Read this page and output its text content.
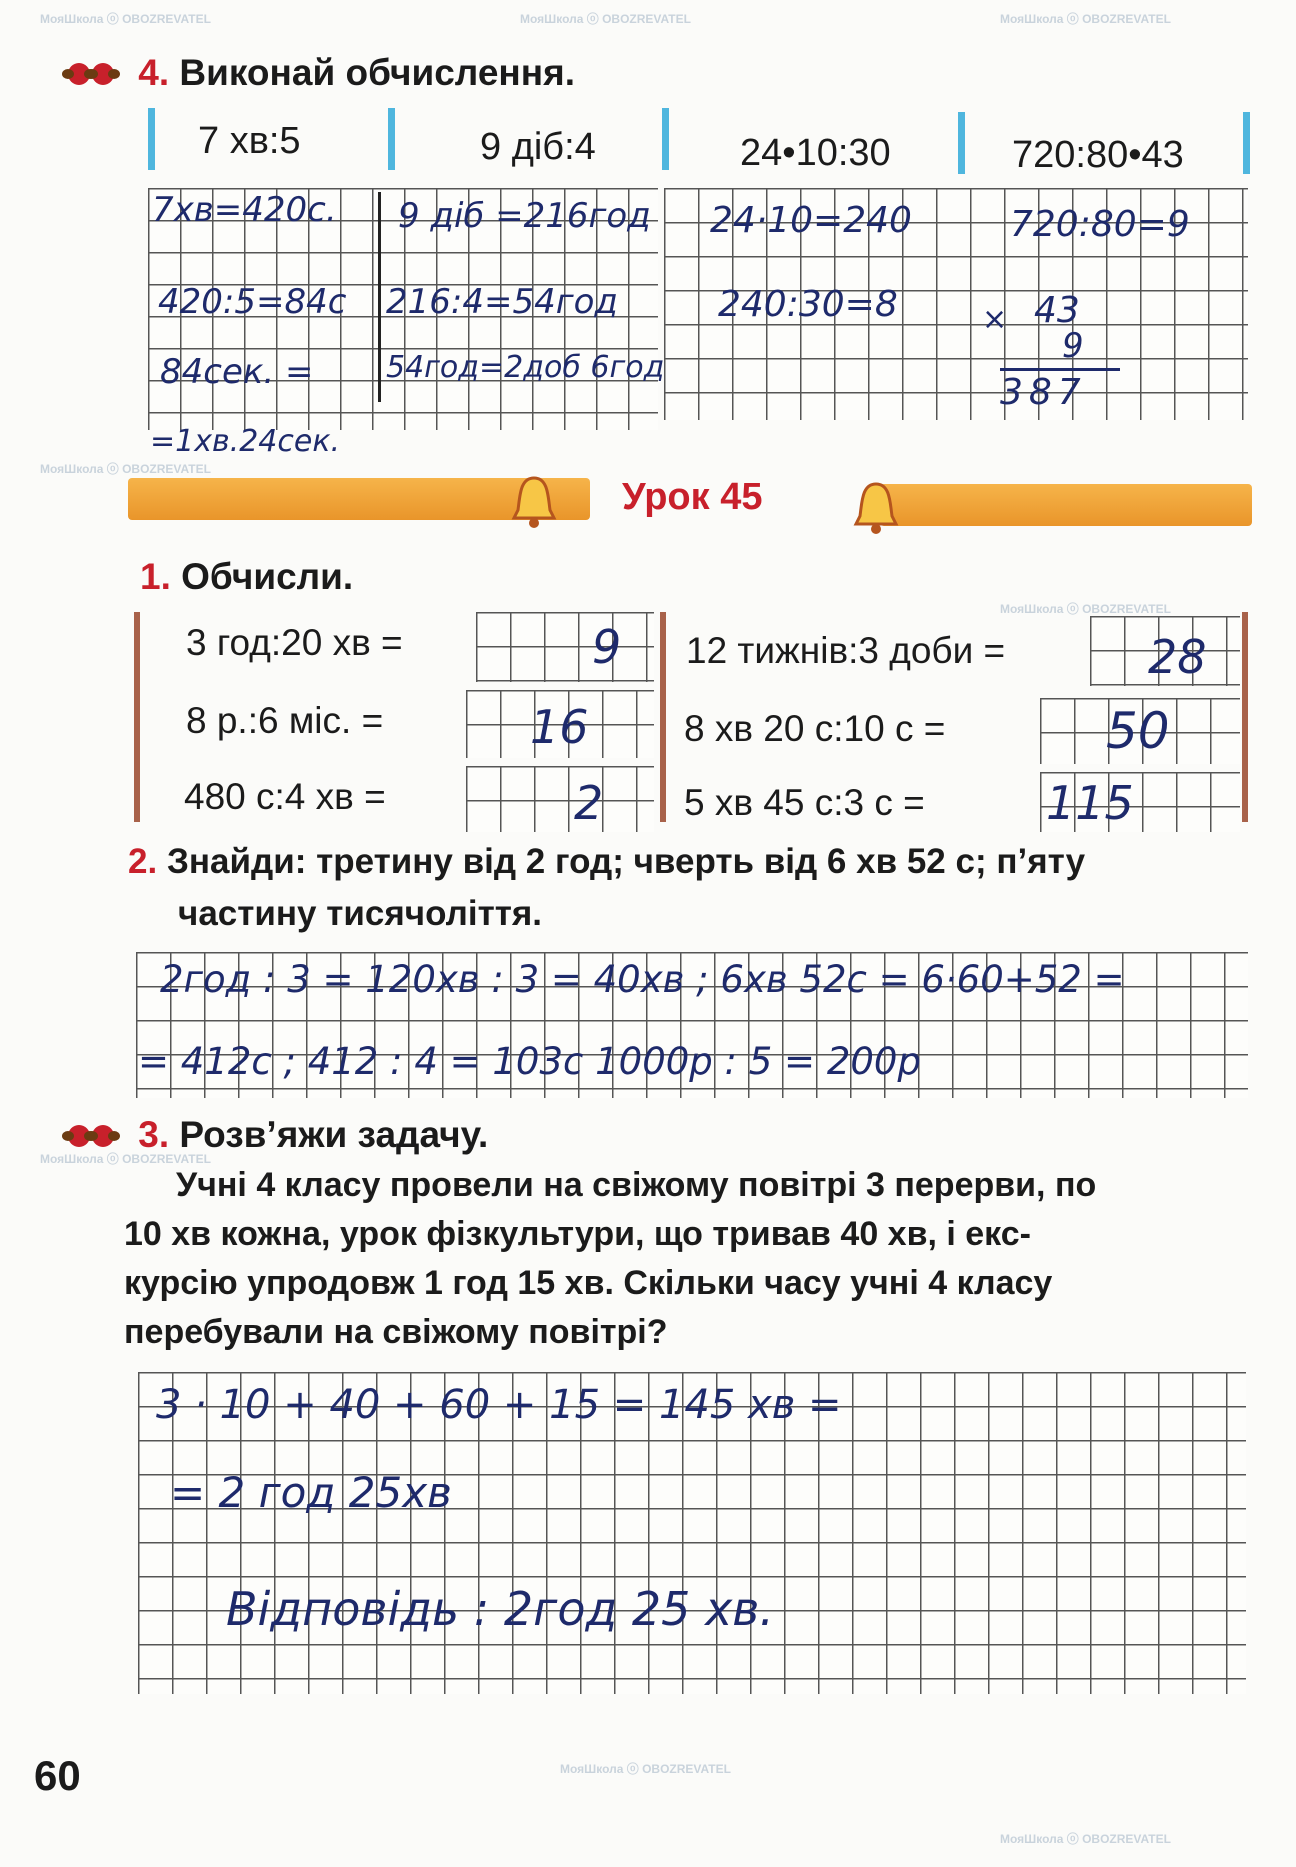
МояШкола ⓞ OBOZREVATEL	МояШкола ⓞ OBOZREVATEL	МояШкола ⓞ OBOZREVATEL
МояШкола ⓞ OBOZREVATEL
МояШкола ⓞ OBOZREVATEL
МояШкола ⓞ OBOZREVATEL
МояШкола ⓞ OBOZREVATEL
МояШкола ⓞ OBOZREVATEL
4. Виконай обчислення.
7 хв:5	9 діб:4	24•10:30	720:80•43
7хв=420с.
420:5=84с
84сек. =
=1хв.24сек.
9 діб =216год
216:4=54год
54год=2доб 6год
24·10=240
240:30=8
720:80=9
× 43
9
387
Урок 45
1. Обчисли.
3 год:20 хв =	9
8 р.:6 міс. =	16
480 с:4 хв =	2
12 тижнів:3 доби =	28
8 хв 20 с:10 с =	50
5 хв 45 с:3 с =	115
2. Знайди: третину від 2 год; чверть від 6 хв 52 с; п’яту
частину тисячоліття.
2год : 3 = 120хв : 3 = 40хв ; 6хв 52с = 6·60+52 =
= 412с ; 412 : 4 = 103с 1000р : 5 = 200р
3. Розв’яжи задачу.
Учні 4 класу провели на свіжому повітрі 3 перерви, по
10 хв кожна, урок фізкультури, що тривав 40 хв, і екс-
курсію упродовж 1 год 15 хв. Скільки часу учні 4 класу
перебували на свіжому повітрі?
3 · 10 + 40 + 60 + 15 = 145 хв =
= 2 год 25хв
Відповідь : 2год 25 хв.
60
